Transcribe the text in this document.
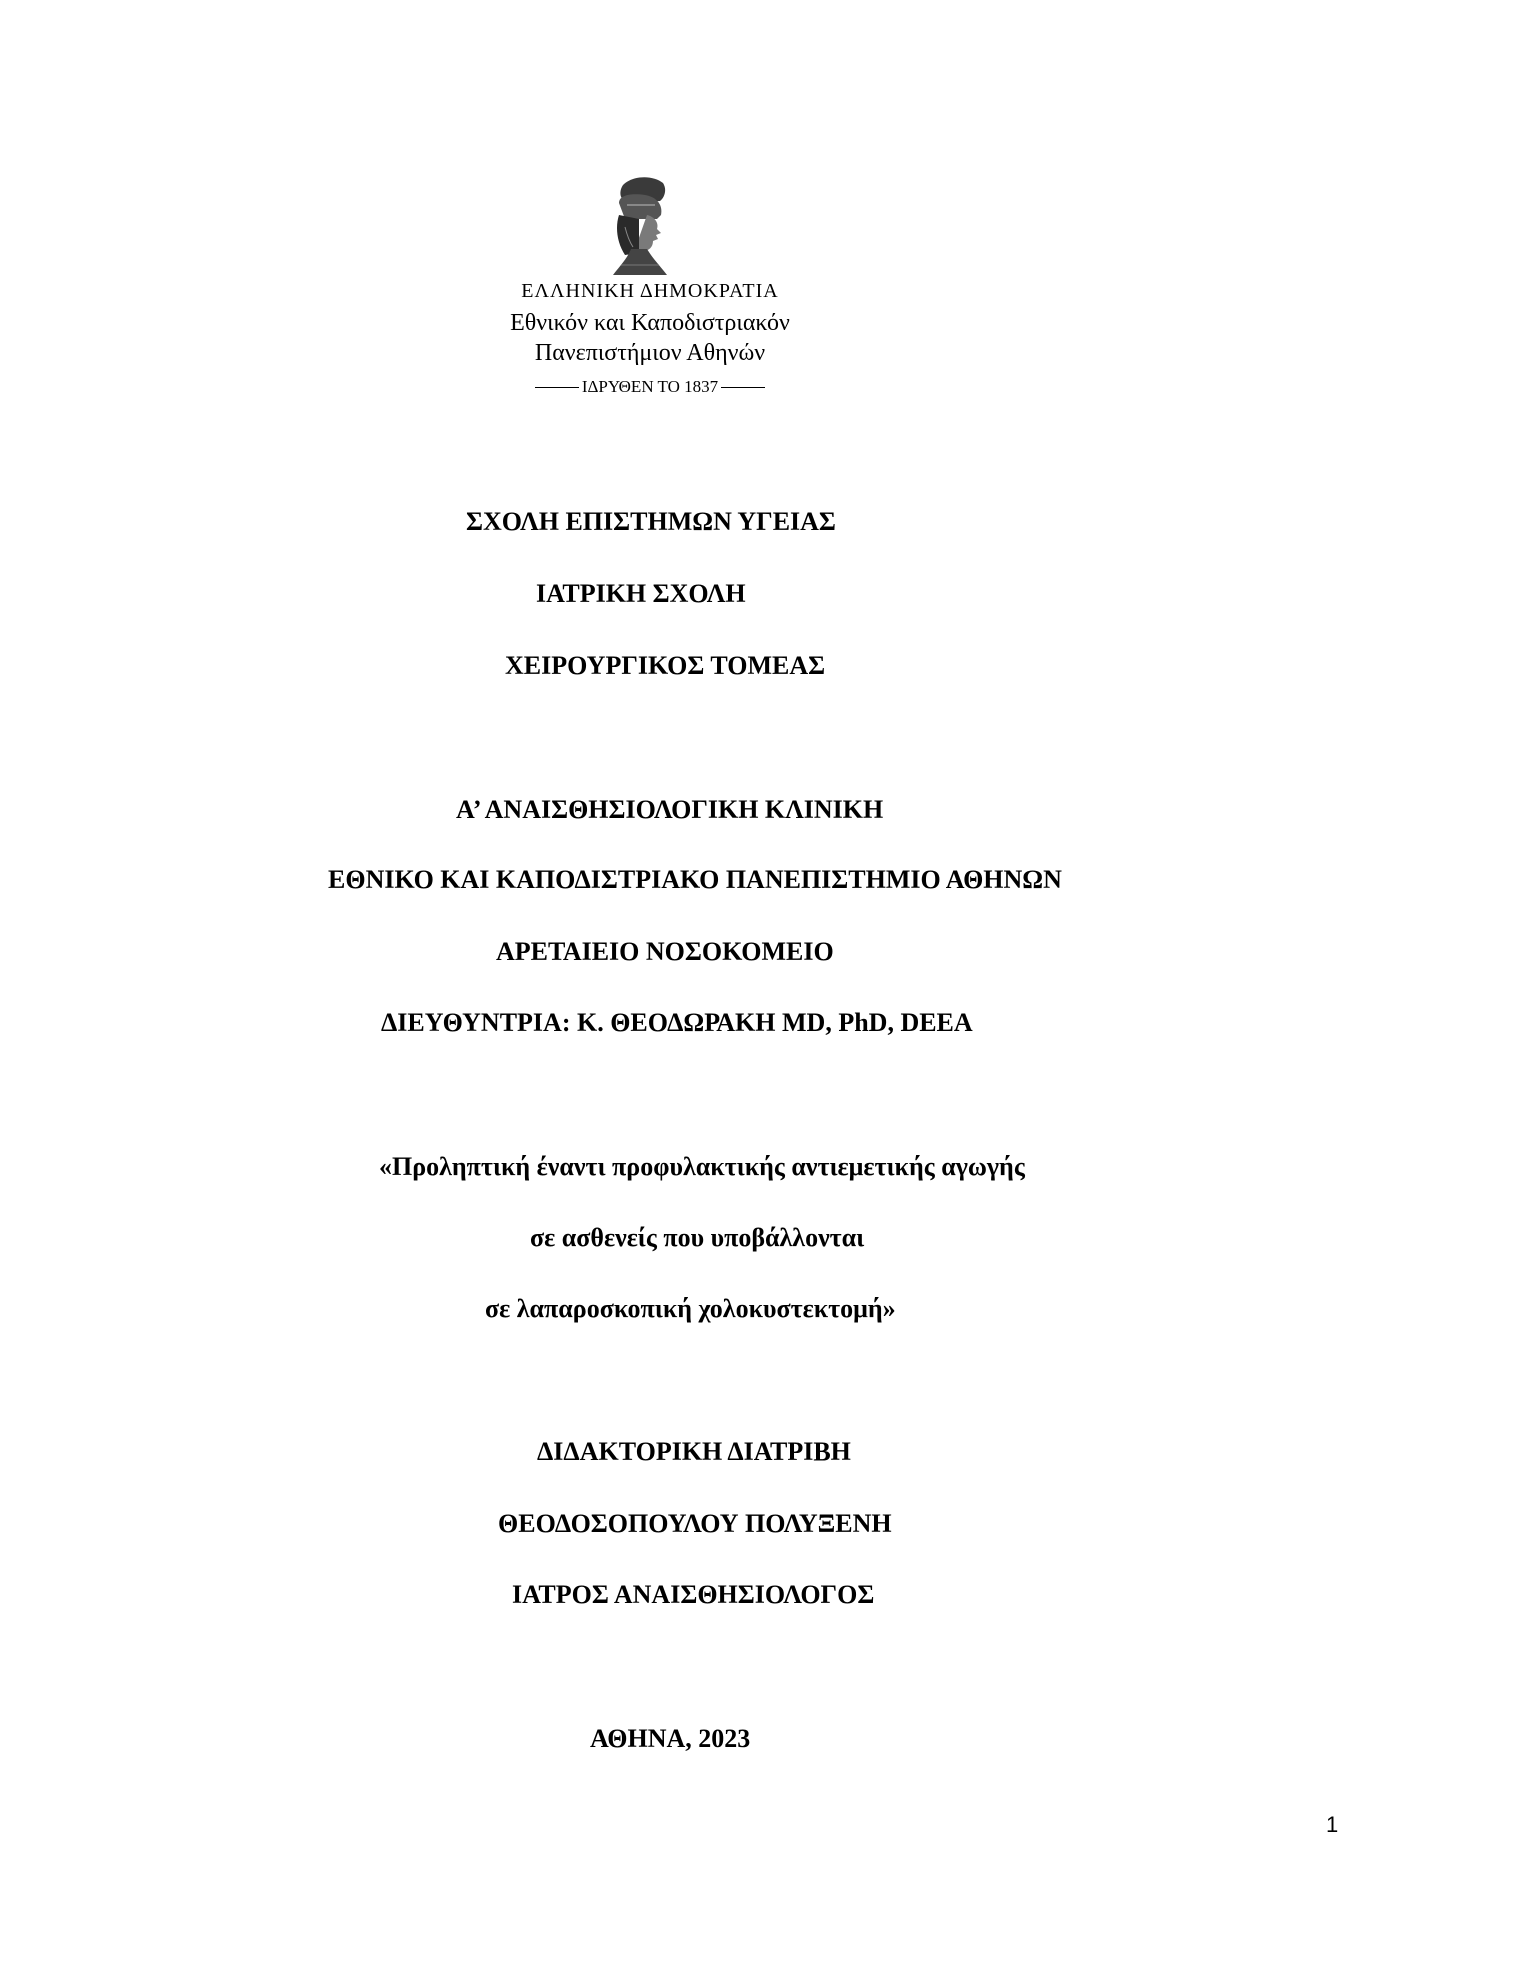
ΕΛΛΗΝΙΚΗ ΔΗΜΟΚΡΑΤΙΑ
Εθνικόν και Καποδιστριακόν
Πανεπιστήμιον Αθηνών
ΙΔΡΥΘΕΝ ΤΟ 1837
ΣΧΟΛΗ ΕΠΙΣΤΗΜΩΝ ΥΓΕΙΑΣ
ΙΑΤΡΙΚΗ ΣΧΟΛΗ
ΧΕΙΡΟΥΡΓΙΚΟΣ ΤΟΜΕΑΣ
Α’ ΑΝΑΙΣΘΗΣΙΟΛΟΓΙΚΗ ΚΛΙΝΙΚΗ
ΕΘΝΙΚΟ ΚΑΙ ΚΑΠΟΔΙΣΤΡΙΑΚΟ ΠΑΝΕΠΙΣΤΗΜΙΟ ΑΘΗΝΩΝ
ΑΡΕΤΑΙΕΙΟ ΝΟΣΟΚΟΜΕΙΟ
ΔΙΕΥΘΥΝΤΡΙΑ: Κ. ΘΕΟΔΩΡΑΚΗ MD, PhD, DEEA
«Προληπτική έναντι προφυλακτικής αντιεμετικής αγωγής
σε ασθενείς που υποβάλλονται
σε λαπαροσκοπική χολοκυστεκτομή»
ΔΙΔΑΚΤΟΡΙΚΗ ΔΙΑΤΡΙΒΗ
ΘΕΟΔΟΣΟΠΟΥΛΟΥ ΠΟΛΥΞΕΝΗ
ΙΑΤΡΟΣ ΑΝΑΙΣΘΗΣΙΟΛΟΓΟΣ
ΑΘΗΝΑ, 2023
1
